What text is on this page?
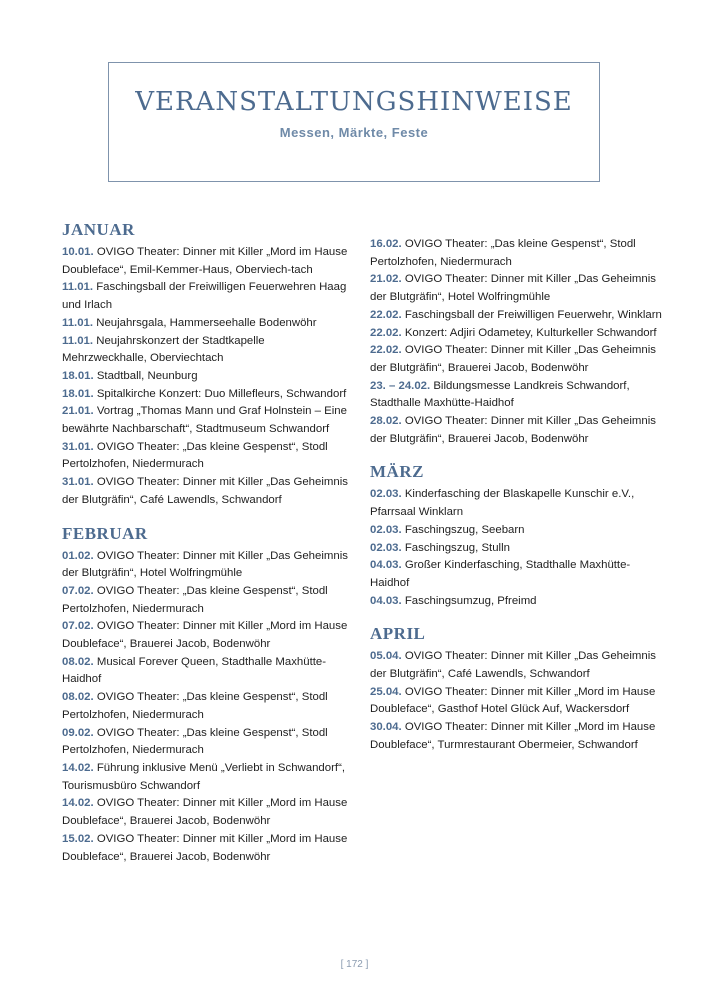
VERANSTALTUNGSHINWEISE
Messen, Märkte, Feste
JANUAR
10.01. OVIGO Theater: Dinner mit Killer „Mord im Hause Doubleface“, Emil-Kemmer-Haus, Oberviech-tach
11.01. Faschingsball der Freiwilligen Feuerwehren Haag und Irlach
11.01. Neujahrsgala, Hammerseehalle Bodenwöhr
11.01. Neujahrskonzert der Stadtkapelle Mehrzweckhalle, Oberviechtach
18.01. Stadtball, Neunburg
18.01. Spitalkirche Konzert: Duo Milleflеurs, Schwandorf
21.01. Vortrag „Thomas Mann und Graf Holnstein – Eine bewährte Nachbarschaft“, Stadtmuseum Schwandorf
31.01. OVIGO Theater: „Das kleine Gespenst“, Stodl Pertolzhofen, Niedermurach
31.01. OVIGO Theater: Dinner mit Killer „Das Geheimnis der Blutgräfin“, Café Lawendls, Schwandorf
FEBRUAR
01.02. OVIGO Theater: Dinner mit Killer „Das Geheimnis der Blutgräfin“, Hotel Wolfringmühle
07.02. OVIGO Theater: „Das kleine Gespenst“, Stodl Pertolzhofen, Niedermurach
07.02. OVIGO Theater: Dinner mit Killer „Mord im Hause Doubleface“, Brauerei Jacob, Bodenwöhr
08.02. Musical Forever Queen, Stadthalle Maxhütte-Haidhof
08.02. OVIGO Theater: „Das kleine Gespenst“, Stodl Pertolzhofen, Niedermurach
09.02. OVIGO Theater: „Das kleine Gespenst“, Stodl Pertolzhofen, Niedermurach
14.02. Führung inklusive Menü „Verliebt in Schwandorf“, Tourismusbüro Schwandorf
14.02. OVIGO Theater: Dinner mit Killer „Mord im Hause Doubleface“, Brauerei Jacob, Bodenwöhr
15.02. OVIGO Theater: Dinner mit Killer „Mord im Hause Doubleface“, Brauerei Jacob, Bodenwöhr
16.02. OVIGO Theater: „Das kleine Gespenst“, Stodl Pertolzhofen, Niedermurach
21.02. OVIGO Theater: Dinner mit Killer „Das Geheimnis der Blutgräfin“, Hotel Wolfringmühle
22.02. Faschingsball der Freiwilligen Feuerwehr, Winklarn
22.02. Konzert: Adjiri Odametey, Kulturkeller Schwandorf
22.02. OVIGO Theater: Dinner mit Killer „Das Geheimnis der Blutgräfin“, Brauerei Jacob, Bodenwöhr
23. – 24.02. Bildungsmesse Landkreis Schwandorf, Stadthalle Maxhütte-Haidhof
28.02. OVIGO Theater: Dinner mit Killer „Das Geheimnis der Blutgräfin“, Brauerei Jacob, Bodenwöhr
MÄRZ
02.03. Kinderfasching der Blaskapelle Kunschir e.V., Pfarrsaal Winklarn
02.03. Faschingszug, Seebarn
02.03. Faschingszug, Stulln
04.03. Großer Kinderfasching, Stadthalle Maxhütte-Haidhof
04.03. Faschingsumzug, Pfreimd
APRIL
05.04. OVIGO Theater: Dinner mit Killer „Das Geheimnis der Blutgräfin“, Café Lawendls, Schwandorf
25.04. OVIGO Theater: Dinner mit Killer „Mord im Hause Doubleface“, Gasthof Hotel Glück Auf, Wackersdorf
30.04. OVIGO Theater: Dinner mit Killer „Mord im Hause Doubleface“, Turmrestaurant Obermeier, Schwandorf
[ 172 ]
